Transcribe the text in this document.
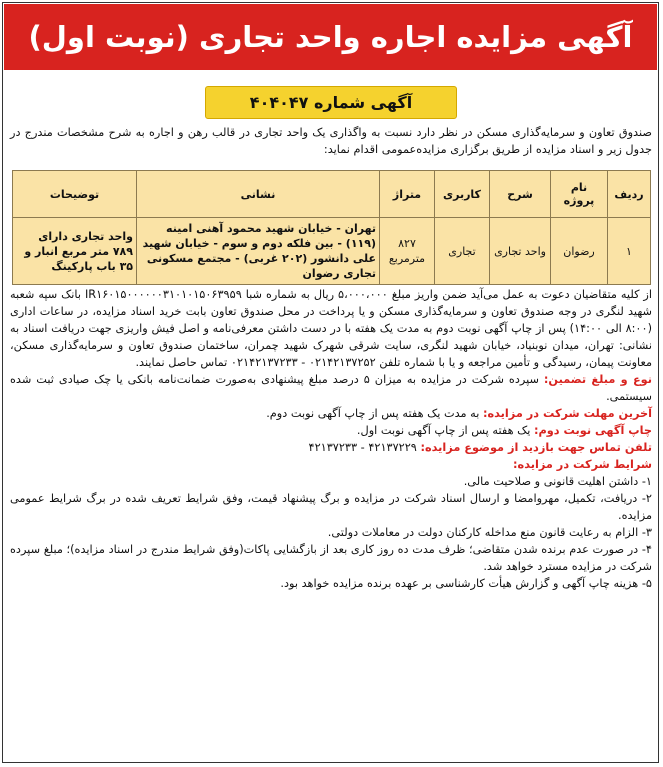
آگهی مزایده اجاره واحد تجاری (نوبت اول)
آگهی شماره ۴۰۴۰۴۷
صندوق تعاون و سرمایه‌گذاری مسکن در نظر دارد نسبت به واگذاری یک واحد تجاری در قالب رهن و اجاره به شرح مشخصات مندرج در جدول زیر و اسناد مزایده از طریق برگزاری مزایده‌عمومی اقدام نماید:
ردیف	نام پروژه	شرح	کاربری	متراژ	نشانی	توضیحات
۱	رضوان	واحد تجاری	تجاری	۸۲۷ مترمربع	تهران - خیابان شهید محمود آهنی امینه (۱۱۹) - بین فلکه دوم و سوم - خیابان شهید علی دانشور (۲۰۲ غربی) - مجتمع مسکونی تجاری رضوان	واحد تجاری دارای ۷۸۹ متر مربع انبار و ۳۵ باب پارکینگ

از کلیه متقاضیان دعوت به عمل می‌آید ضمن واریز مبلغ ۵،۰۰۰،۰۰۰ ریال به شماره شبا IR۱۶۰۱۵۰۰۰۰۰۰۳۱۰۱۰۱۵۰۶۳۹۵۹ بانک سپه شعبه شهید لنگری در وجه صندوق تعاون و سرمایه‌گذاری مسکن و یا پرداخت در محل صندوق تعاون بابت خرید اسناد مزایده، در ساعات اداری (۸:۰۰ الی ۱۴:۰۰) پس از چاپ آگهی نوبت دوم به مدت یک هفته با در دست داشتن معرفی‌نامه و اصل فیش واریزی جهت دریافت اسناد به نشانی: تهران، میدان نوبنیاد، خیابان شهید لنگری، سایت شرقی شهرک شهید چمران، ساختمان صندوق تعاون و سرمایه‌گذاری مسکن، معاونت پیمان، رسیدگی و تأمین مراجعه و یا با شماره تلفن ۰۲۱۴۲۱۳۷۲۵۲ - ۰۲۱۴۲۱۳۷۲۳۳ تماس حاصل نمایند.

نوع و مبلغ تضمین: سپرده شرکت در مزایده به میزان ۵ درصد مبلغ پیشنهادی به‌صورت ضمانت‌نامه بانکی یا چک صیادی ثبت شده سیستمی.

آخرین مهلت شرکت در مزایده: به مدت یک هفته پس از چاپ آگهی نوبت دوم.

چاپ آگهی نوبت دوم: یک هفته پس از چاپ آگهی نوبت اول.

تلفن تماس جهت بازدید از موضوع مزایده: ۴۲۱۳۷۲۲۹ - ۴۲۱۳۷۲۳۳

شرایط شرکت در مزایده:

۱- داشتن اهلیت قانونی و صلاحیت مالی.

۲- دریافت، تکمیل، مهروامضا و ارسال اسناد شرکت در مزایده و برگ پیشنهاد قیمت، وفق شرایط تعریف شده در برگ شرایط عمومی مزایده.

۳- الزام به رعایت قانون منع مداخله کارکنان دولت در معاملات دولتی.

۴- در صورت عدم برنده شدن متقاضی؛ ظرف مدت ده روز کاری بعد از بازگشایی پاکات(وفق شرایط مندرج در اسناد مزایده)؛ مبلغ سپرده شرکت در مزایده مسترد خواهد شد.

۵- هزینه چاپ آگهی و گزارش هیأت کارشناسی بر عهده برنده مزایده خواهد بود.
